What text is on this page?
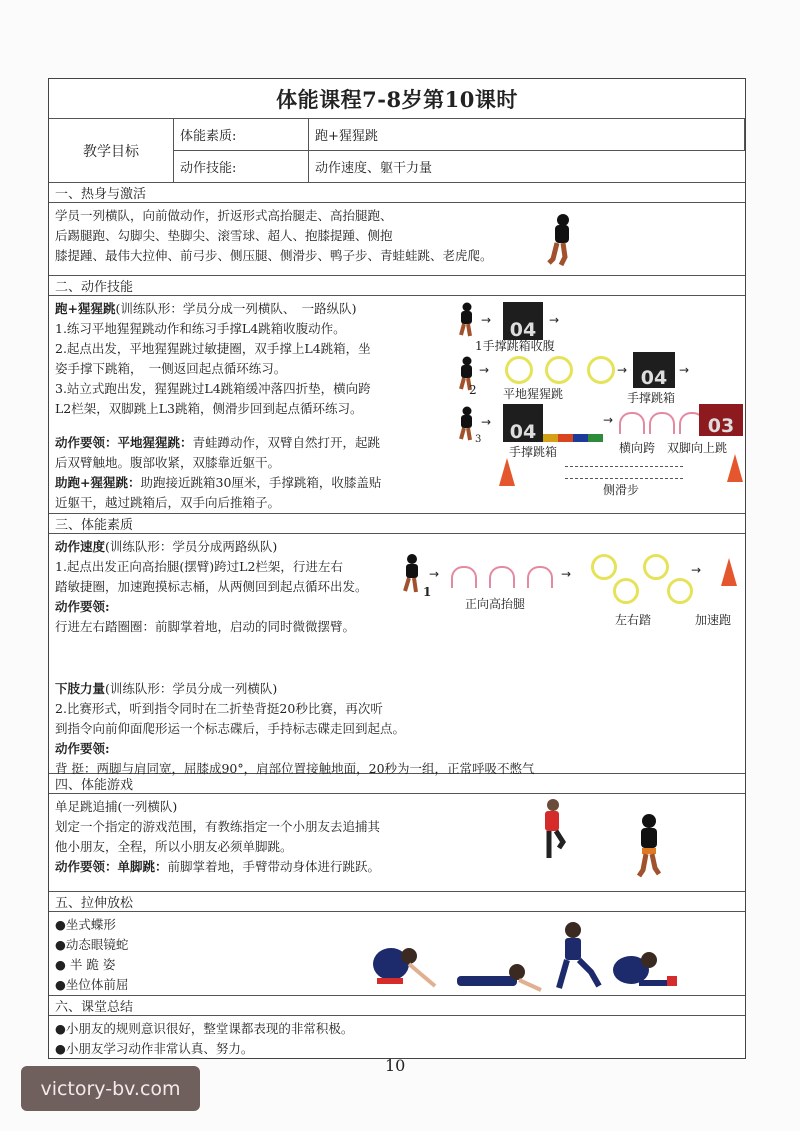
体能课程7-8岁第10课时
教学目标
体能素质:	跑+猩猩跳
动作技能:	动作速度、躯干力量
一、热身与激活
学员一列横队，向前做动作，折返形式高抬腿走、高抬腿跑、
后踢腿跑、勾脚尖、垫脚尖、滚雪球、超人、抱膝提踵、侧抱
膝提踵、最伟大拉伸、前弓步、侧压腿、侧滑步、鸭子步、青蛙蛙跳、老虎爬。
二、动作技能
跑+猩猩跳(训练队形：学员分成一列横队、　一路纵队)
1.练习平地猩猩跳动作和练习手撑L4跳箱收腹动作。
2.起点出发，平地猩猩跳过敏捷圈，双手撑上L4跳箱，坐
姿手撑下跳箱，　一侧返回起点循环练习。
3.站立式跑出发，猩猩跳过L4跳箱缓冲落四折垫，横向跨
L2栏架，双脚跳上L3跳箱，侧滑步回到起点循环练习。
动作要领：平地猩猩跳：青蛙蹲动作，双臂自然打开，起跳
后双臂触地。腹部收紧，双膝靠近躯干。
助跑+猩猩跳：助跑接近跳箱30厘米，手撑跳箱，收膝盖贴
近躯干，越过跳箱后，双手向后推箱子。
→ 04	→
1手撑跳箱收腹
2
→	→ 04 →
平地猩猩跳	手撑跳箱
3
→ 04
→	03
手撑跳箱	横向跨 双脚向上跳
侧滑步
三、体能素质
动作速度(训练队形：学员分成两路纵队)
1.起点出发正向高抬腿(摆臂)跨过L2栏架，行进左右
踏敏捷圈，加速跑摸标志桶，从两侧回到起点循环出发。
动作要领:
行进左右踏圈圈：前脚掌着地，启动的同时微微摆臂。
下肢力量(训练队形：学员分成一列横队)
2.比赛形式，听到指令同时在二折垫背挺20秒比赛，再次听
到指令向前仰面爬形运一个标志碟后，手持标志碟走回到起点。
动作要领:
背 挺：两脚与肩同宽，屈膝成90°，肩部位置接触地面，20秒为一组，正常呼吸不憋气
1
→	→
正向高抬腿
→
左右踏	加速跑
四、体能游戏
单足跳追捕(一列横队)
划定一个指定的游戏范围，有教练指定一个小朋友去追捕其
他小朋友，全程，所以小朋友必须单脚跳。
动作要领：单脚跳：前脚掌着地，手臂带动身体进行跳跃。
五、拉伸放松
●坐式蝶形
●动态眼镜蛇
● 半 跪 姿
●坐位体前屈
六、课堂总结
●小朋友的规则意识很好，整堂课都表现的非常积极。
●小朋友学习动作非常认真、努力。
10
victory-bv.com
